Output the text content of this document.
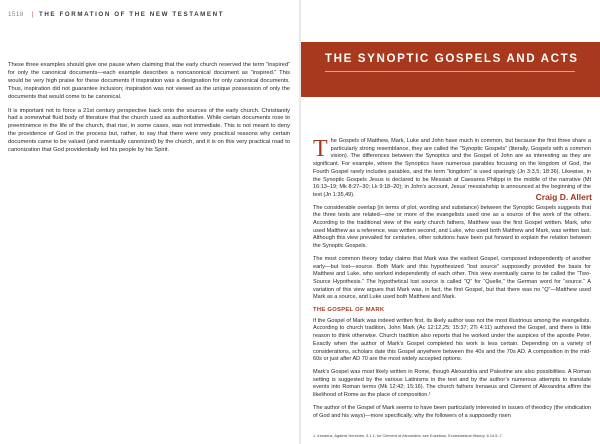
1518 | THE FORMATION OF THE NEW TESTAMENT

These three examples should give one pause when claiming that the early church reserved the term “inspired” for only the canonical documents—each example describes a noncanonical document as “inspired.” This would be very high praise for these documents if inspiration was a designation for only canonical documents. Thus, inspiration did not guarantee inclusion; inspiration was not viewed as the unique possession of only the documents that would come to be canonical.

It is important not to force a 21st century perspective back onto the sources of the early church. Christianity had a somewhat fluid body of literature that the church used as authoritative. While certain documents rose to preeminence in the life of the church, that rise, in some cases, was not immediate. This is not meant to deny the providence of God in the process but, rather, to say that there were very practical reasons why certain documents came to be valued (and eventually canonized) by the church, and it is on this very practical road to canonization that God providentially led his people by his Spirit.

Craig D. Allert
THE SYNOPTIC GOSPELS AND ACTS

The Gospels of Matthew, Mark, Luke and John have much in common, but because the first three share a particularly strong resemblance, they are called the “Synoptic Gospels” (literally, Gospels with a common vision). The differences between the Synoptics and the Gospel of John are as interesting as they are significant. For example, where the Synoptics have numerous parables focusing on the kingdom of God, the Fourth Gospel rarely includes parables, and the term “kingdom” is used sparingly (Jn 3:3,5; 18:36). Likewise, in the Synoptic Gospels Jesus is declared to be Messiah at Caesarea Philippi in the middle of the narrative (Mt 16:13–19; Mk 8:27–30; Lk 9:18–20); in John’s account, Jesus’ messiahship is announced at the beginning of the text (Jn 1:35,49).

The considerable overlap (in terms of plot, wording and substance) between the Synoptic Gospels suggests that the three texts are related—one or more of the evangelists used one as a source of the work of the others. According to the traditional view of the early church fathers, Matthew was the first Gospel written. Mark, who used Matthew as a reference, was written second, and Luke, who used both Matthew and Mark, was written last. Although this view prevailed for centuries, other solutions have been put forward to explain the relation between the Synoptic Gospels.

The most common theory today claims that Mark was the earliest Gospel, composed independently of another early—but lost—source. Both Mark and this hypothesized “lost source” supposedly provided the basis for Matthew and Luke, who worked independently of each other. This view eventually came to be called the “Two-Source Hypothesis.” The hypothetical lost source is called “Q” for “Quelle,” the German word for “source.” A variation of this view argues that Mark was, in fact, the first Gospel, but that there was no “Q”—Matthew used Mark as a source, and Luke used both Matthew and Mark.

THE GOSPEL OF MARK

If the Gospel of Mark was indeed written first, its likely author was not the most illustrious among the evangelists. According to church tradition, John Mark (Ac 12:12,25; 15:37; 2Ti 4:11) authored the Gospel, and there is little reason to think otherwise. Church tradition also reports that he worked under the auspices of the apostle Peter. Exactly when the author of Mark’s Gospel completed his work is less certain. Depending on a variety of considerations, scholars date this Gospel anywhere between the 40s and the 70s AD. A composition in the mid-60s or just after AD 70 are the most widely accepted options.

Mark’s Gospel was most likely written in Rome, though Alexandria and Palestine are also possibilities. A Roman setting is suggested by the various Latinisms in the text and by the author’s numerous attempts to translate events into Roman terms (Mk 12:42; 15:16). The church fathers Irenaeus and Clement of Alexandria affirm the likelihood of Rome as the place of composition.¹

The author of the Gospel of Mark seems to have been particularly interested in issues of theodicy (the vindication of God and his ways)—more specifically, why the followers of a supposedly risen

1. Irenaeus, Against Heresies, 3.1.1; for Clement of Alexandria, see Eusebius, Ecclesiastical History, 6.14.5–7.
